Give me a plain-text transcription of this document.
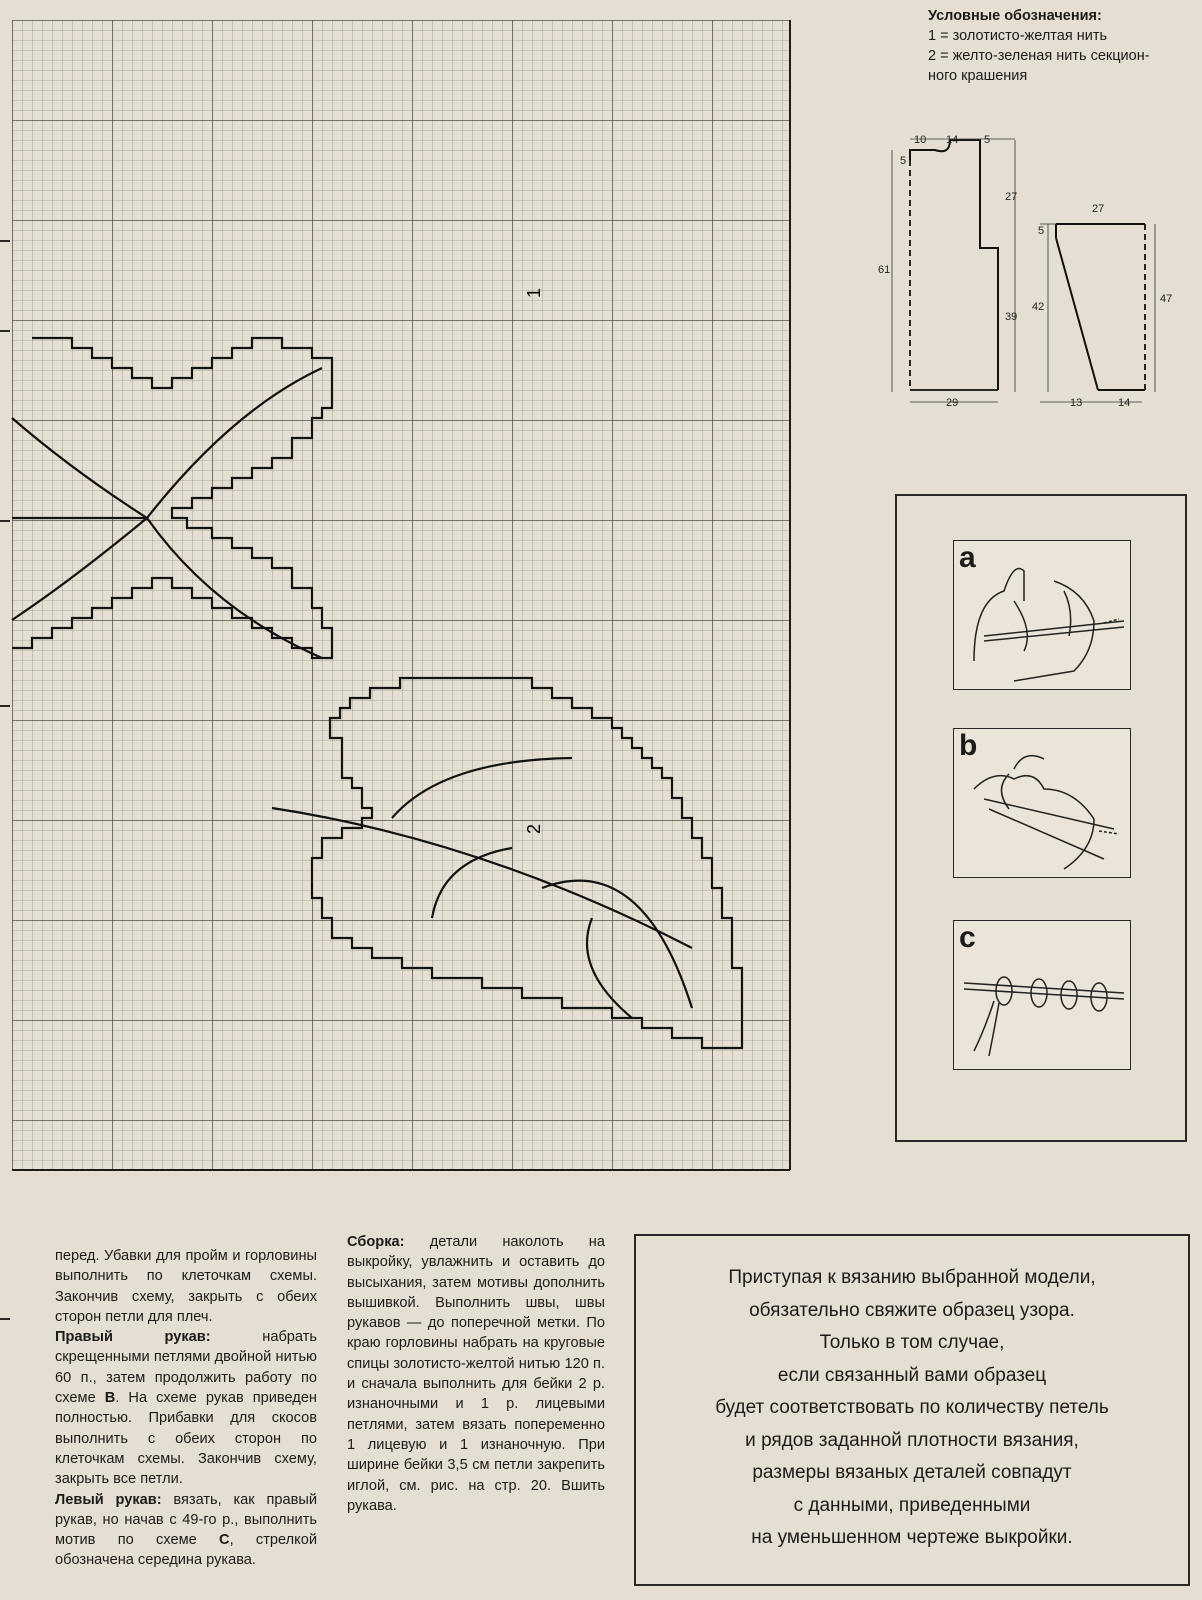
1
2
Условные обозначения:
1 = золотисто-желтая нить
2 = желто-зеленая нить секцион-
ного крашения
10 14 5
5
61
27
39
29
27
5
42
47
13	14
a
b
c

перед. Убавки для пройм и горловины выполнить по клеточкам схемы. Закончив схему, закрыть с обеих сторон петли для плеч.

Правый рукав:	набрать скрещенными петлями двойной нитью 60 п., затем продолжить работу по схеме В. На схеме рукав приведен полностью. Прибавки для скосов выполнить с обеих сторон по клеточкам схемы. Закончив схему, закрыть все петли.

Левый рукав: вязать, как правый рукав, но начав с 49-го р., выполнить мотив по схеме С, стрелкой обозначена середина рукава.

Сборка: детали наколоть на выкройку, увлажнить и оставить до высыхания, затем мотивы дополнить вышивкой. Выполнить швы, швы рукавов — до поперечной метки. По краю горловины набрать на круговые спицы золотисто-желтой нитью 120 п. и сначала выполнить для бейки 2 р. изнаночными и 1 р. лицевыми петлями, затем вязать попеременно 1 лицевую и 1 изнаночную. При ширине бейки 3,5 см петли закрепить иглой, см. рис. на стр. 20. Вшить рукава.

Приступая к вязанию выбранной модели,
обязательно свяжите образец узора.
Только в том случае,
если связанный вами образец
будет соответствовать по количеству петель
и рядов заданной плотности вязания,
размеры вязаных деталей совпадут
с данными, приведенными
на уменьшенном чертеже выкройки.
